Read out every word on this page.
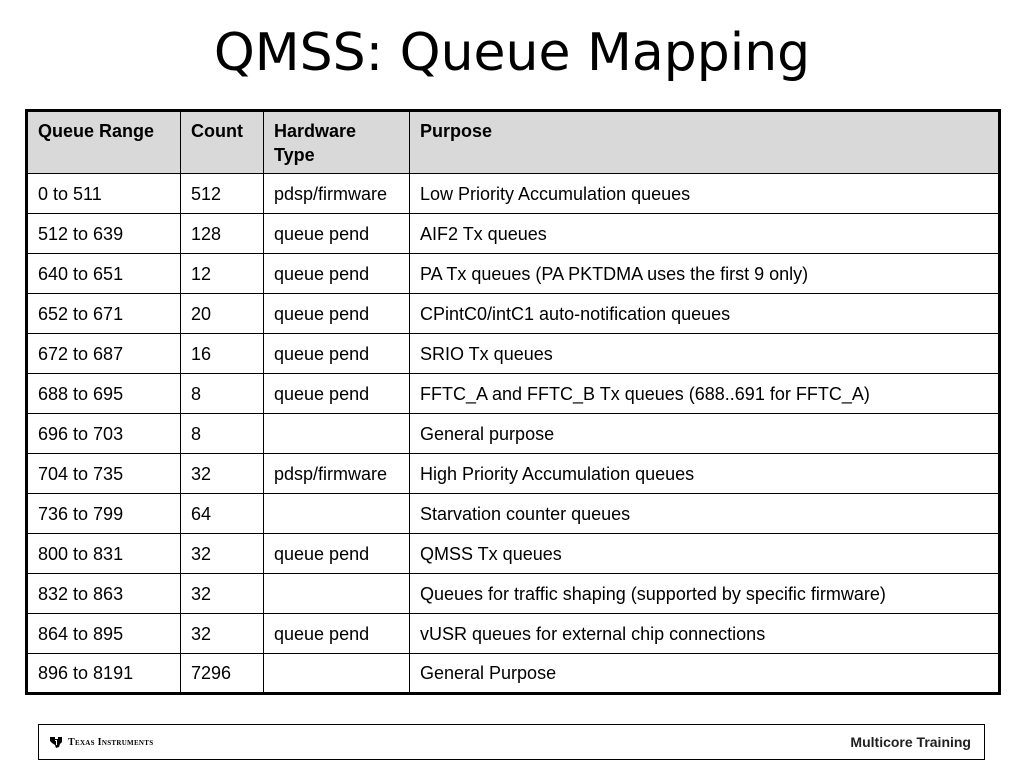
QMSS: Queue Mapping
Queue Range	Count	Hardware Type	Purpose
0 to 511	512	pdsp/firmware	Low Priority Accumulation queues
512 to 639	128	queue pend	AIF2 Tx queues
640 to 651	12	queue pend	PA Tx queues (PA PKTDMA uses the first 9 only)
652 to 671	20	queue pend	CPintC0/intC1 auto-notification queues
672 to 687	16	queue pend	SRIO Tx queues
688 to 695	8	queue pend	FFTC_A and FFTC_B Tx queues (688..691 for FFTC_A)
696 to 703	8		General purpose
704 to 735	32	pdsp/firmware	High Priority Accumulation queues
736 to 799	64		Starvation counter queues
800 to 831	32	queue pend	QMSS Tx queues
832 to 863	32		Queues for traffic shaping (supported by specific firmware)
864 to 895	32	queue pend	vUSR queues for external chip connections
896 to 8191	7296		General Purpose
Texas Instruments	Multicore Training
